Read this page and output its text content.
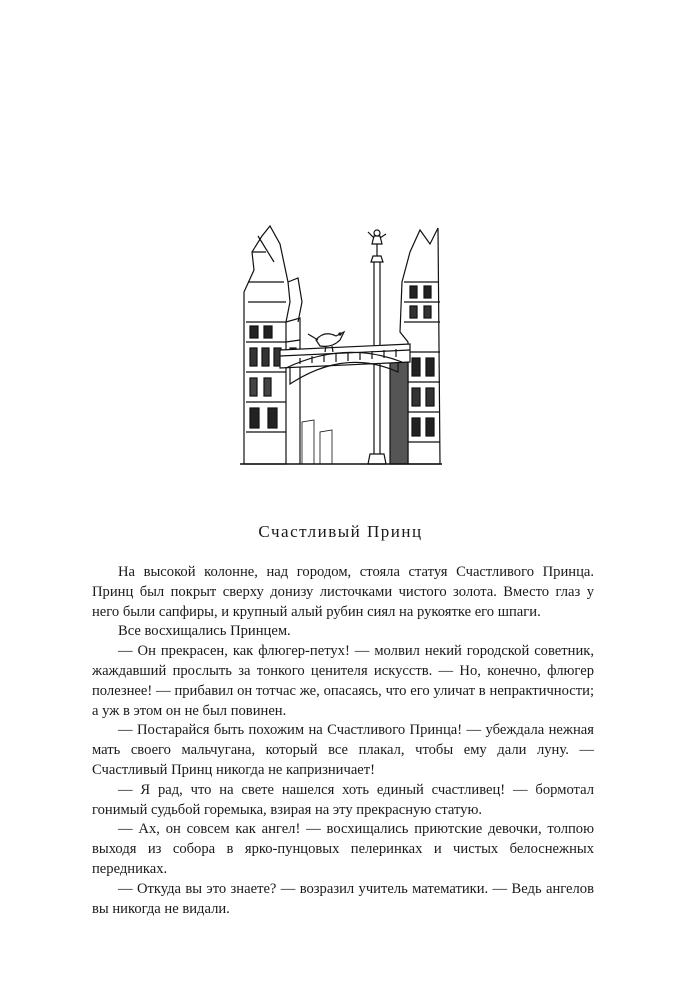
Счастливый Принц

На высокой колонне, над городом, стояла статуя Счастливого Принца. Принц был покрыт сверху донизу листочками чистого золота. Вместо глаз у него были сапфиры, и крупный алый рубин сиял на рукоятке его шпаги.

Все восхищались Принцем.

— Он прекрасен, как флюгер-петух! — молвил некий городской советник, жаждавший прослыть за тонкого ценителя искусств. — Но, конечно, флюгер полезнее! — прибавил он тотчас же, опасаясь, что его уличат в непрактичности; а уж в этом он не был повинен.

— Постарайся быть похожим на Счастливого Принца! — убеждала нежная мать своего мальчугана, который все плакал, чтобы ему дали луну. — Счастливый Принц никогда не капризничает!

— Я рад, что на свете нашелся хоть единый счастливец! — бормотал гонимый судьбой горемыка, взирая на эту прекрасную статую.

— Ах, он совсем как ангел! — восхищались приютские девочки, толпою выходя из собора в ярко-пунцовых пелеринках и чистых белоснежных передниках.

— Откуда вы это знаете? — возразил учитель математики. — Ведь ангелов вы никогда не видали.
